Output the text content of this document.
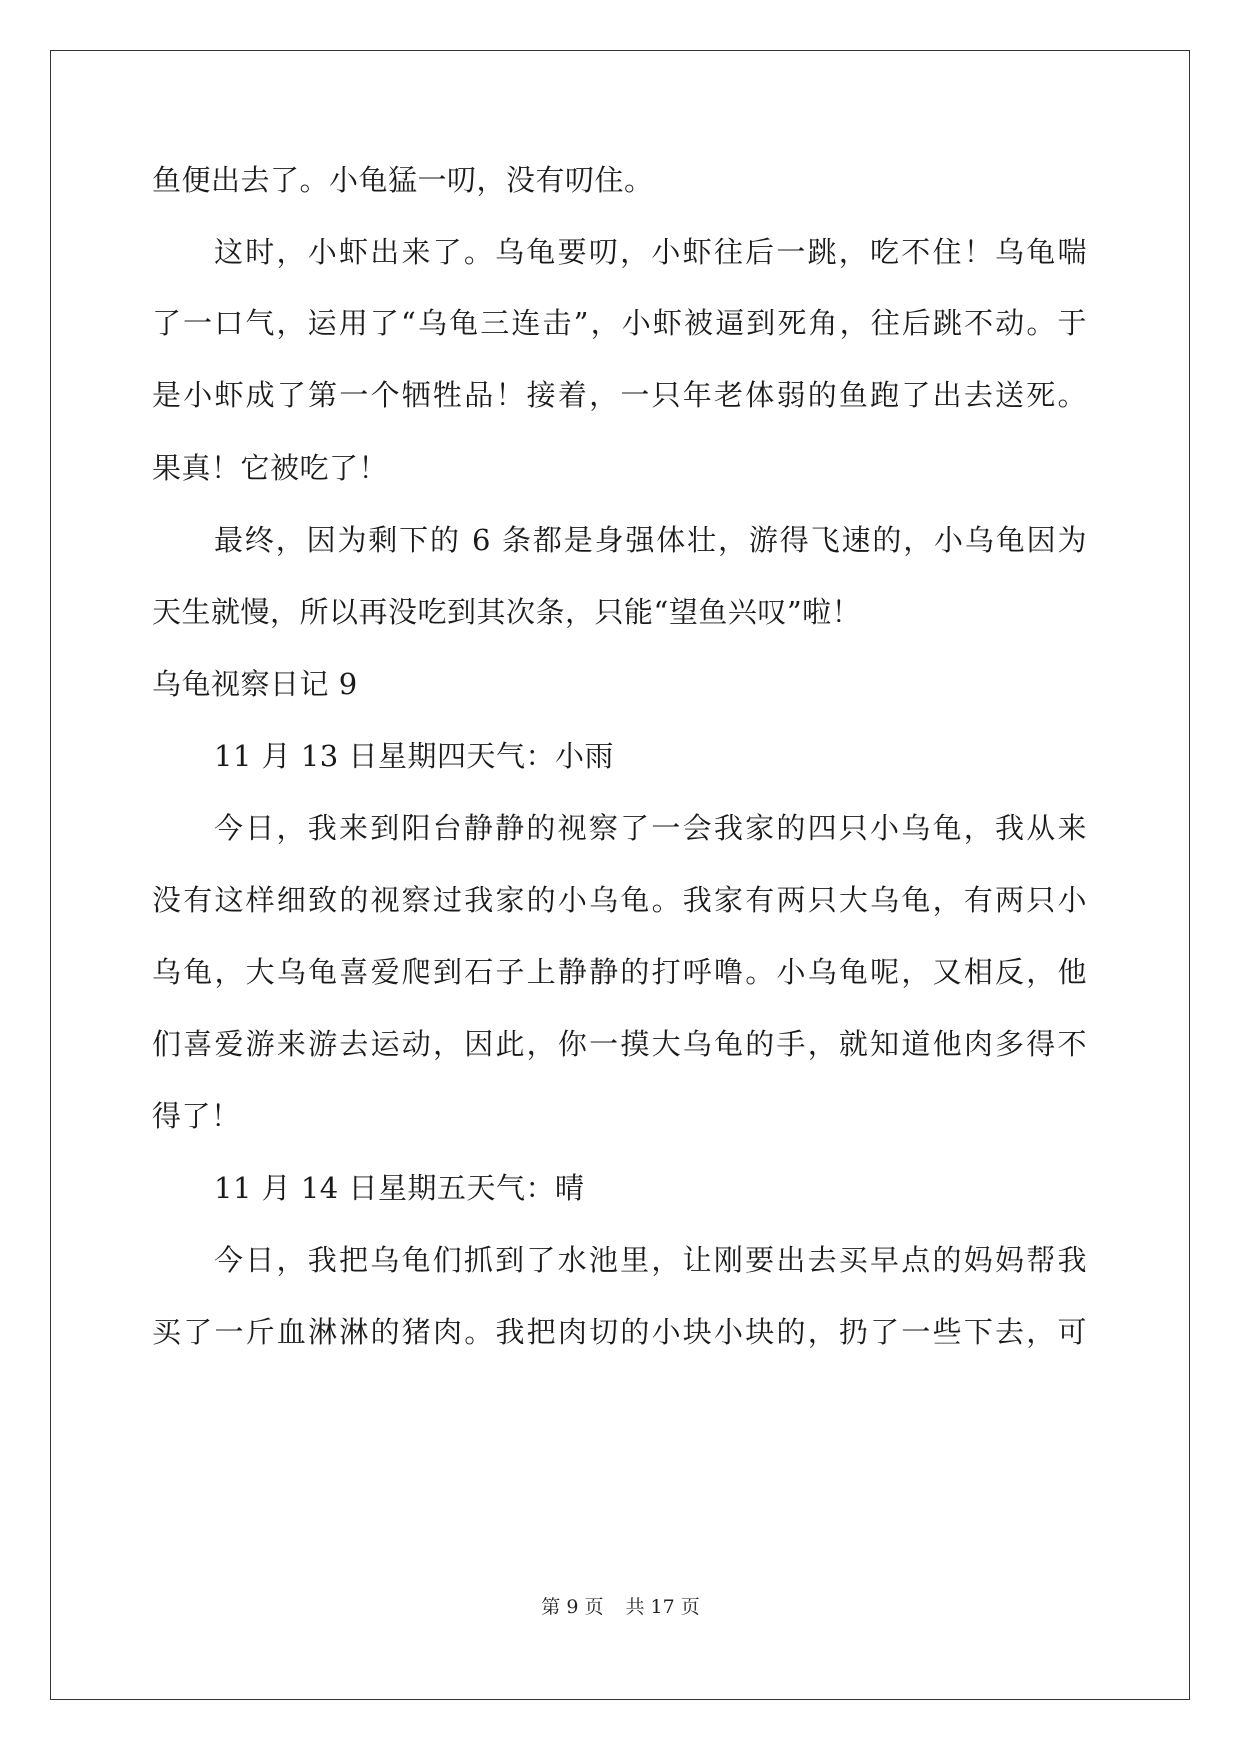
鱼便出去了。小龟猛一叨，没有叨住。
这时，小虾出来了。乌龟要叨，小虾往后一跳，吃不住！乌龟喘
了一口气，运用了“乌龟三连击”，小虾被逼到死角，往后跳不动。于
是小虾成了第一个牺牲品！接着，一只年老体弱的鱼跑了出去送死。
果真！它被吃了！
最终，因为剩下的 6 条都是身强体壮，游得飞速的，小乌龟因为
天生就慢，所以再没吃到其次条，只能“望鱼兴叹”啦！
乌龟视察日记 9
11 月 13 日星期四天气：小雨
今日，我来到阳台静静的视察了一会我家的四只小乌龟，我从来
没有这样细致的视察过我家的小乌龟。我家有两只大乌龟，有两只小
乌龟，大乌龟喜爱爬到石子上静静的打呼噜。小乌龟呢，又相反，他
们喜爱游来游去运动，因此，你一摸大乌龟的手，就知道他肉多得不
得了！
11 月 14 日星期五天气：晴
今日，我把乌龟们抓到了水池里，让刚要出去买早点的妈妈帮我
买了一斤血淋淋的猪肉。我把肉切的小块小块的，扔了一些下去，可
第 9 页 共 17 页
